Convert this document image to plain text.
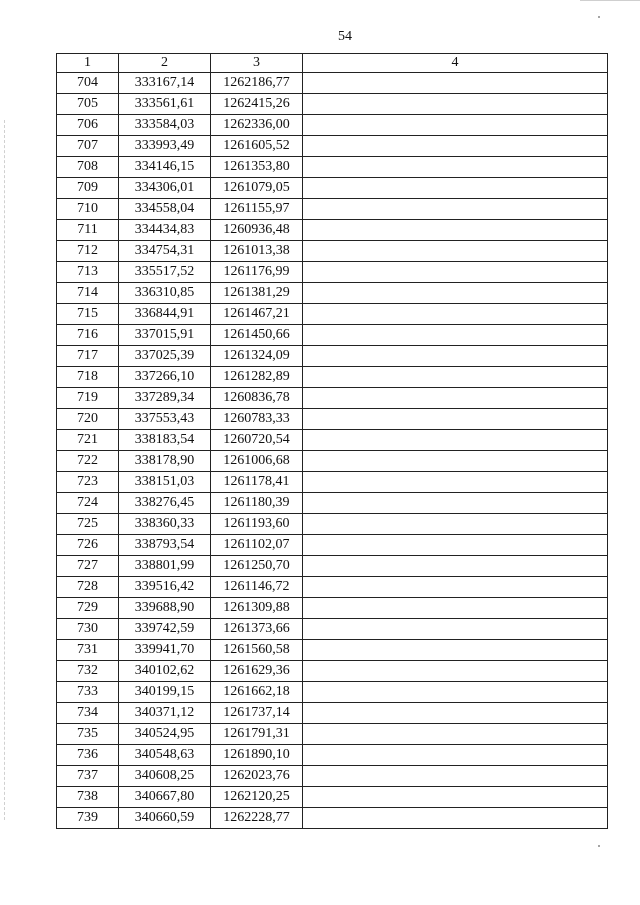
54
1	2	3	4
704	333167,14	1262186,77	
705	333561,61	1262415,26	
706	333584,03	1262336,00	
707	333993,49	1261605,52	
708	334146,15	1261353,80	
709	334306,01	1261079,05	
710	334558,04	1261155,97	
711	334434,83	1260936,48	
712	334754,31	1261013,38	
713	335517,52	1261176,99	
714	336310,85	1261381,29	
715	336844,91	1261467,21	
716	337015,91	1261450,66	
717	337025,39	1261324,09	
718	337266,10	1261282,89	
719	337289,34	1260836,78	
720	337553,43	1260783,33	
721	338183,54	1260720,54	
722	338178,90	1261006,68	
723	338151,03	1261178,41	
724	338276,45	1261180,39	
725	338360,33	1261193,60	
726	338793,54	1261102,07	
727	338801,99	1261250,70	
728	339516,42	1261146,72	
729	339688,90	1261309,88	
730	339742,59	1261373,66	
731	339941,70	1261560,58	
732	340102,62	1261629,36	
733	340199,15	1261662,18	
734	340371,12	1261737,14	
735	340524,95	1261791,31	
736	340548,63	1261890,10	
737	340608,25	1262023,76	
738	340667,80	1262120,25	
739	340660,59	1262228,77	
